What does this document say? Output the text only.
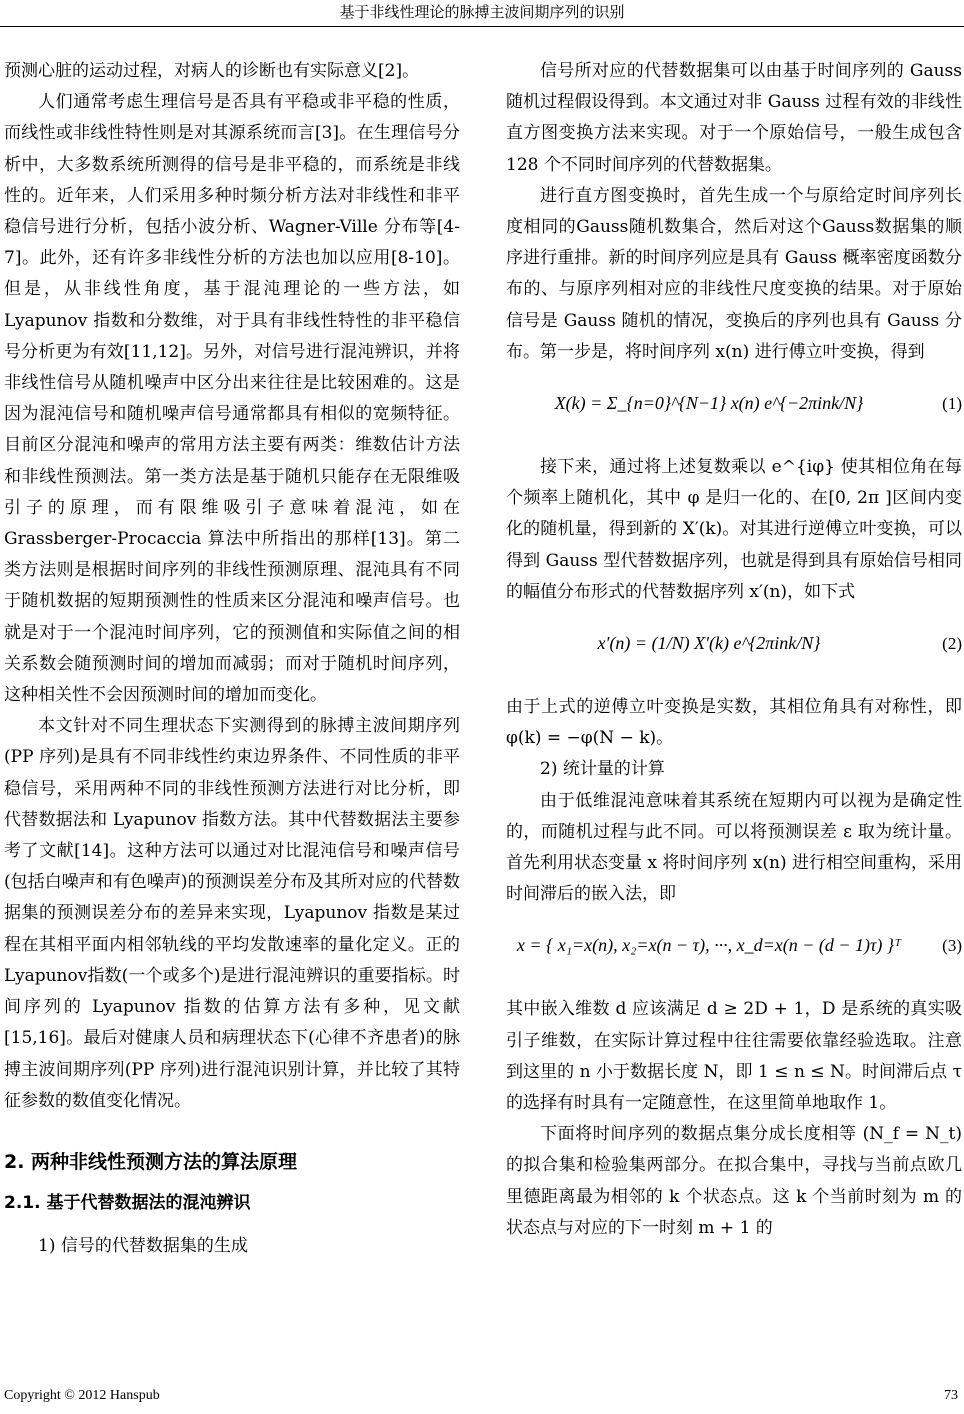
基于非线性理论的脉搏主波间期序列的识别

预测心脏的运动过程，对病人的诊断也有实际意义[2]。

人们通常考虑生理信号是否具有平稳或非平稳的性质，而线性或非线性特性则是对其源系统而言[3]。在生理信号分析中，大多数系统所测得的信号是非平稳的，而系统是非线性的。近年来，人们采用多种时频分析方法对非线性和非平稳信号进行分析，包括小波分析、Wagner-Ville 分布等[4-7]。此外，还有许多非线性分析的方法也加以应用[8-10]。但是，从非线性角度，基于混沌理论的一些方法，如 Lyapunov 指数和分数维，对于具有非线性特性的非平稳信号分析更为有效[11,12]。另外，对信号进行混沌辨识，并将非线性信号从随机噪声中区分出来往往是比较困难的。这是因为混沌信号和随机噪声信号通常都具有相似的宽频特征。目前区分混沌和噪声的常用方法主要有两类：维数估计方法和非线性预测法。第一类方法是基于随机只能存在无限维吸引子的原理，而有限维吸引子意味着混沌，如在 Grassberger-Procaccia 算法中所指出的那样[13]。第二类方法则是根据时间序列的非线性预测原理、混沌具有不同于随机数据的短期预测性的性质来区分混沌和噪声信号。也就是对于一个混沌时间序列，它的预测值和实际值之间的相关系数会随预测时间的增加而减弱；而对于随机时间序列，这种相关性不会因预测时间的增加而变化。

本文针对不同生理状态下实测得到的脉搏主波间期序列(PP 序列)是具有不同非线性约束边界条件、不同性质的非平稳信号，采用两种不同的非线性预测方法进行对比分析，即代替数据法和 Lyapunov 指数方法。其中代替数据法主要参考了文献[14]。这种方法可以通过对比混沌信号和噪声信号(包括白噪声和有色噪声)的预测误差分布及其所对应的代替数据集的预测误差分布的差异来实现，Lyapunov 指数是某过程在其相平面内相邻轨线的平均发散速率的量化定义。正的Lyapunov指数(一个或多个)是进行混沌辨识的重要指标。时间序列的 Lyapunov 指数的估算方法有多种，见文献[15,16]。最后对健康人员和病理状态下(心律不齐患者)的脉搏主波间期序列(PP 序列)进行混沌识别计算，并比较了其特征参数的数值变化情况。

2. 两种非线性预测方法的算法原理
2.1. 基于代替数据法的混沌辨识

1) 信号的代替数据集的生成

信号所对应的代替数据集可以由基于时间序列的 Gauss 随机过程假设得到。本文通过对非 Gauss 过程有效的非线性直方图变换方法来实现。对于一个原始信号，一般生成包含 128 个不同时间序列的代替数据集。

进行直方图变换时，首先生成一个与原给定时间序列长度相同的Gauss随机数集合，然后对这个Gauss数据集的顺序进行重排。新的时间序列应是具有 Gauss 概率密度函数分布的、与原序列相对应的非线性尺度变换的结果。对于原始信号是 Gauss 随机的情况，变换后的序列也具有 Gauss 分布。第一步是，将时间序列 x(n) 进行傅立叶变换，得到

X(k) = Σ_{n=0}^{N−1} x(n) e^{−2πink/N}	(1)

接下来，通过将上述复数乘以 e^{iφ} 使其相位角在每个频率上随机化，其中 φ 是归一化的、在[0, 2π ]区间内变化的随机量，得到新的 X′(k)。对其进行逆傅立叶变换，可以得到 Gauss 型代替数据序列，也就是得到具有原始信号相同的幅值分布形式的代替数据序列 x′(n)，如下式

x′(n) = (1/N) X′(k) e^{2πink/N}	(2)

由于上式的逆傅立叶变换是实数，其相位角具有对称性，即 φ(k) = −φ(N − k)。

2) 统计量的计算

由于低维混沌意味着其系统在短期内可以视为是确定性的，而随机过程与此不同。可以将预测误差 ε 取为统计量。首先利用状态变量 x 将时间序列 x(n) 进行相空间重构，采用时间滞后的嵌入法，即

x = { x₁=x(n), x₂=x(n − τ), ···, x_d=x(n − (d − 1)τ) }ᵀ	(3)

其中嵌入维数 d 应该满足 d ≥ 2D + 1，D 是系统的真实吸引子维数，在实际计算过程中往往需要依靠经验选取。注意到这里的 n 小于数据长度 N，即 1 ≤ n ≤ N。时间滞后点 τ 的选择有时具有一定随意性，在这里简单地取作 1。

下面将时间序列的数据点集分成长度相等 (N_f = N_t) 的拟合集和检验集两部分。在拟合集中，寻找与当前点欧几里德距离最为相邻的 k 个状态点。这 k 个当前时刻为 m 的状态点与对应的下一时刻 m + 1 的

Copyright © 2012 Hanspub	73
